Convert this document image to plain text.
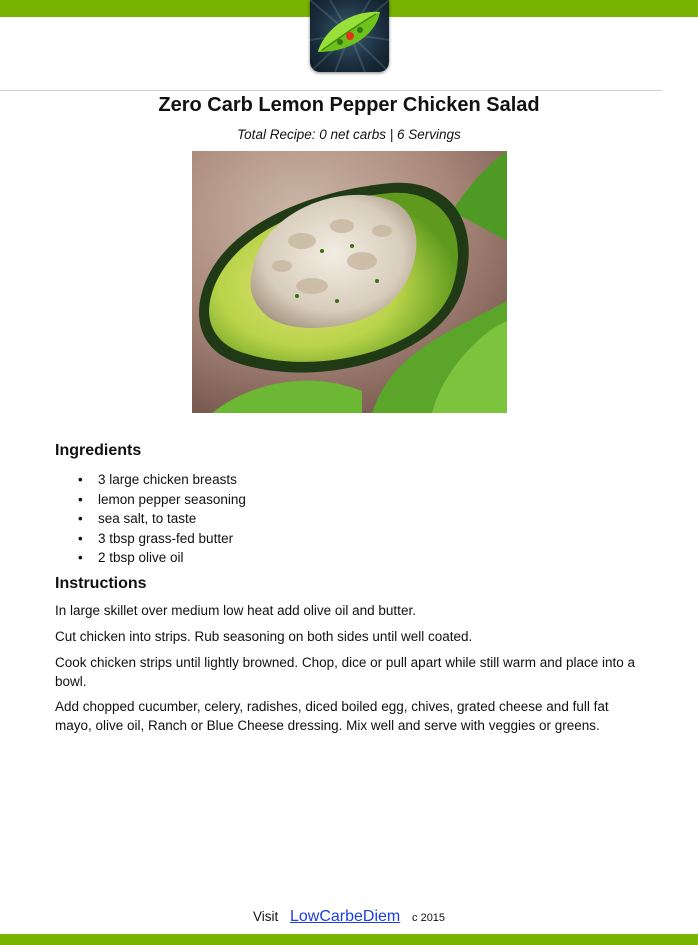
Zero Carb Lemon Pepper Chicken Salad
Total Recipe: 0 net carbs | 6 Servings
Ingredients
• 3 large chicken breasts
• lemon pepper seasoning
• sea salt, to taste
• 3 tbsp grass-fed butter
• 2 tbsp olive oil
Instructions

In large skillet over medium low heat add olive oil and butter.

Cut chicken into strips. Rub seasoning on both sides until well coated.

Cook chicken strips until lightly browned. Chop, dice or pull apart while still warm and place into a bowl.

Add chopped cucumber, celery, radishes, diced boiled egg, chives, grated cheese and full fat mayo, olive oil, Ranch or Blue Cheese dressing. Mix well and serve with veggies or greens.

Visit LowCarbeDiem c 2015
